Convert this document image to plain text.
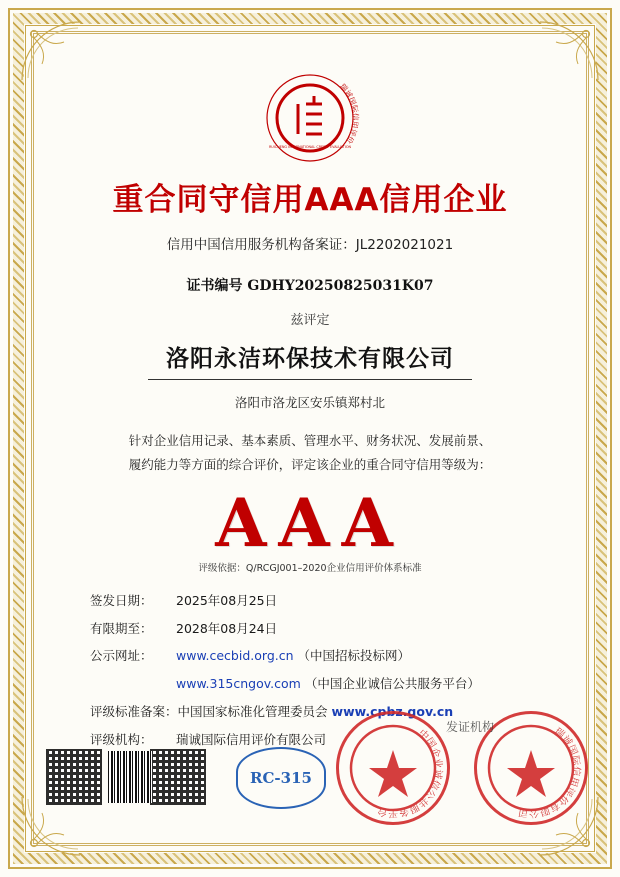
瑞诚国际信用评价
RUICHENG INTERNATIONAL CREDIT EVALUATION
重合同守信用AAA信用企业
信用中国信用服务机构备案证：JL2202021021
证书编号 GDHY20250825031K07
兹评定
洛阳永洁环保技术有限公司
洛阳市洛龙区安乐镇郑村北
针对企业信用记录、基本素质、管理水平、财务状况、发展前景、
履约能力等方面的综合评价，评定该企业的重合同守信用等级为：
AAA
评级依据：Q/RCGJ001–2020企业信用评价体系标准
签发日期： 2025年08月25日
有限期至： 2028年08月24日
公示网址： www.cecbid.org.cn （中国招标投标网）
www.315cngov.com （中国企业诚信公共服务平台）
评级标准备案：中国国家标准化管理委员会 www.cpbz.gov.cn
评级机构： 瑞诚国际信用评价有限公司
RC-315
中国企业诚信公共服务平台
瑞诚国际信用评价有限公司
发证机构
